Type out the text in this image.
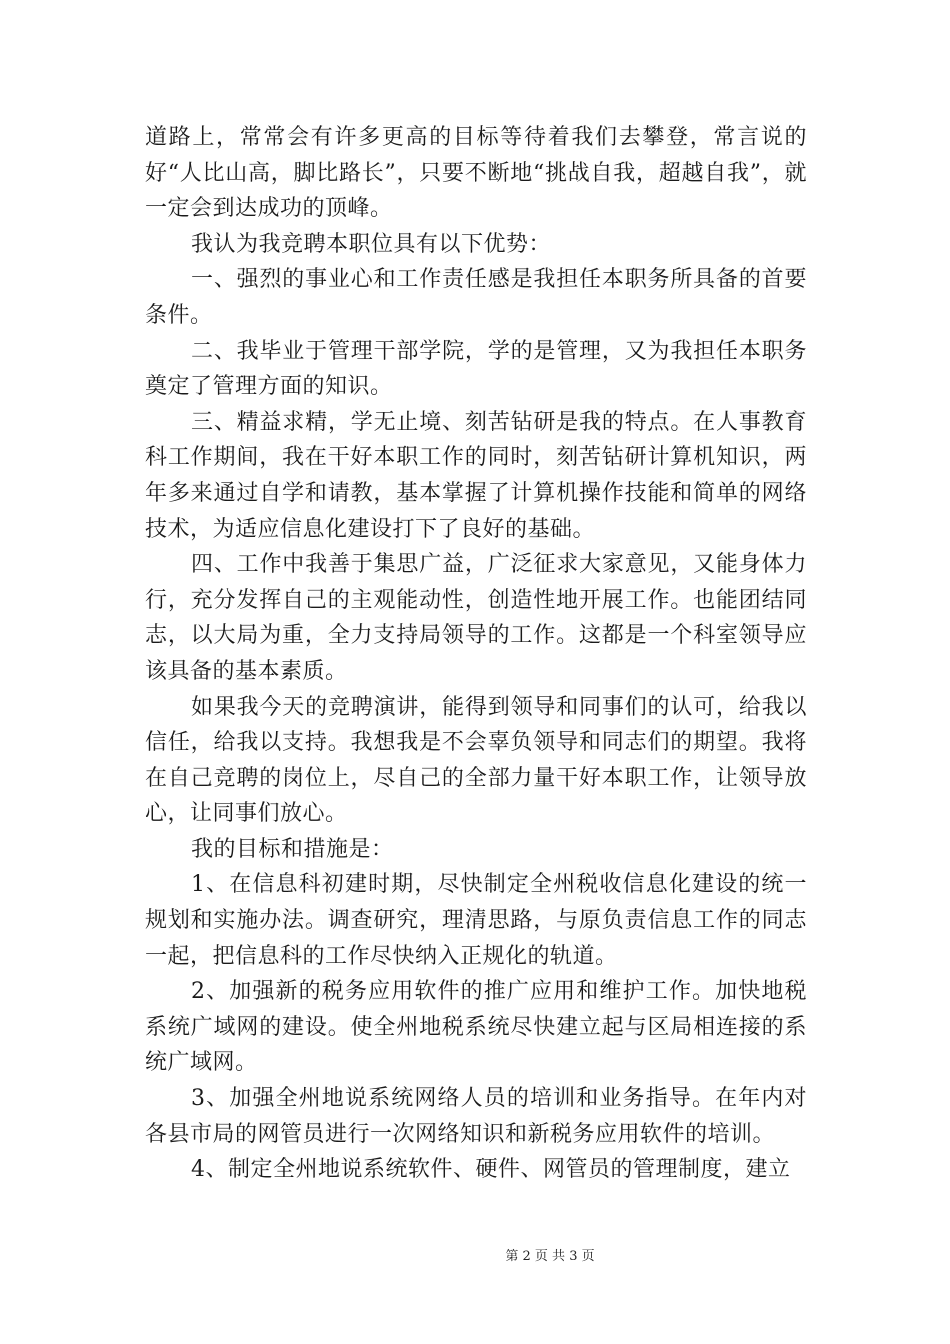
道路上，常常会有许多更高的目标等待着我们去攀登，常言说的好“人比山高，脚比路长”，只要不断地“挑战自我，超越自我”，就一定会到达成功的顶峰。

我认为我竞聘本职位具有以下优势：

一、强烈的事业心和工作责任感是我担任本职务所具备的首要条件。

二、我毕业于管理干部学院，学的是管理，又为我担任本职务奠定了管理方面的知识。

三、精益求精，学无止境、刻苦钻研是我的特点。在人事教育科工作期间，我在干好本职工作的同时，刻苦钻研计算机知识，两年多来通过自学和请教，基本掌握了计算机操作技能和简单的网络技术，为适应信息化建设打下了良好的基础。

四、工作中我善于集思广益，广泛征求大家意见，又能身体力行，充分发挥自己的主观能动性，创造性地开展工作。也能团结同志，以大局为重，全力支持局领导的工作。这都是一个科室领导应该具备的基本素质。

如果我今天的竞聘演讲，能得到领导和同事们的认可，给我以信任，给我以支持。我想我是不会辜负领导和同志们的期望。我将在自己竞聘的岗位上，尽自己的全部力量干好本职工作，让领导放心，让同事们放心。

我的目标和措施是：

1、在信息科初建时期，尽快制定全州税收信息化建设的统一规划和实施办法。调查研究，理清思路，与原负责信息工作的同志一起，把信息科的工作尽快纳入正规化的轨道。

2、加强新的税务应用软件的推广应用和维护工作。加快地税系统广域网的建设。使全州地税系统尽快建立起与区局相连接的系统广域网。

3、加强全州地说系统网络人员的培训和业务指导。在年内对各县市局的网管员进行一次网络知识和新税务应用软件的培训。

4、制定全州地说系统软件、硬件、网管员的管理制度，建立

第 2 页 共 3 页
